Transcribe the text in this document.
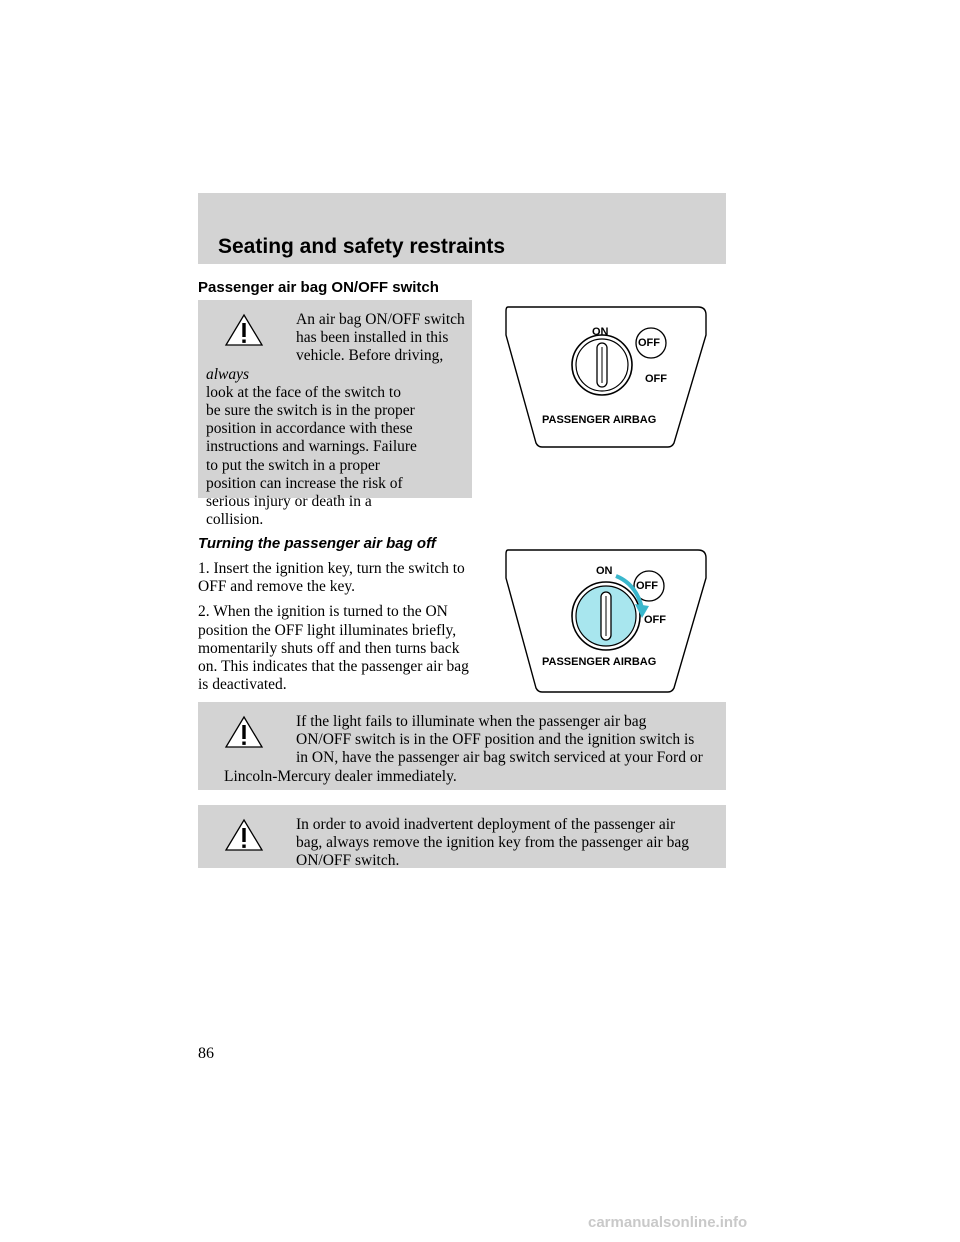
Seating and safety restraints
Passenger air bag ON/OFF switch

An air bag ON/OFF switch

has been installed in this

vehicle. Before driving, always

look at the face of the switch to

be sure the switch is in the proper

position in accordance with these

instructions and warnings. Failure

to put the switch in a proper

position can increase the risk of

serious injury or death in a

collision.

ON
OFF
OFF
PASSENGER AIRBAG
Turning the passenger air bag off

1. Insert the ignition key, turn the switch to OFF and remove the key.

2. When the ignition is turned to the ON position the OFF light illuminates briefly, momentarily shuts off and then turns back on. This indicates that the passenger air bag is deactivated.

ON
OFF
OFF
PASSENGER AIRBAG

If the light fails to illuminate when the passenger air bag

ON/OFF switch is in the OFF position and the ignition switch is

in ON, have the passenger air bag switch serviced at your Ford or

Lincoln-Mercury dealer immediately.

In order to avoid inadvertent deployment of the passenger air

bag, always remove the ignition key from the passenger air bag

ON/OFF switch.

86
carmanualsonline.info
